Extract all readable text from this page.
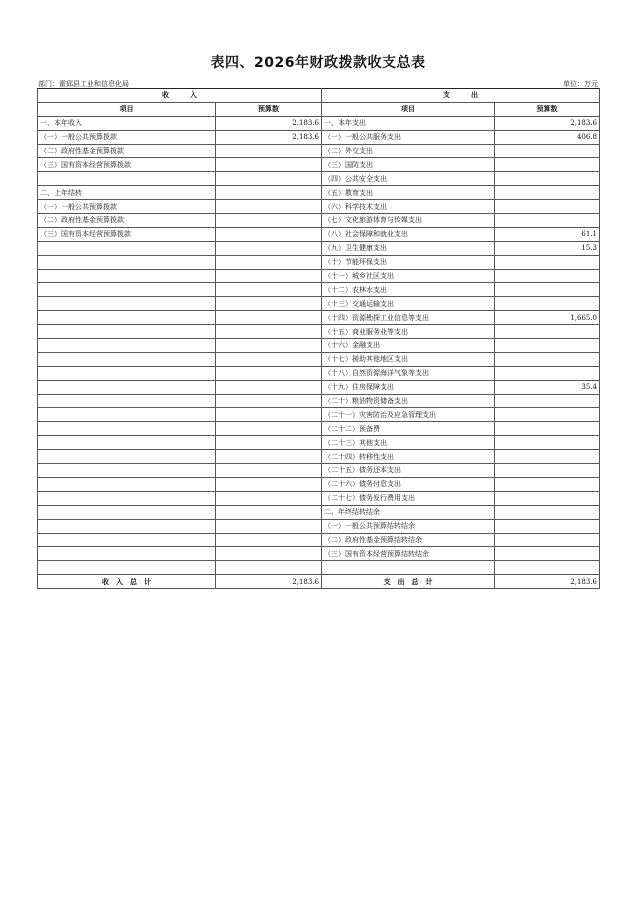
表四、2026年财政拨款收支总表
部门：霍邱县工业和信息化局	单位：万元
收　　　入		支　　　出	
项目	预算数	项目	预算数
一、本年收入	2,183.6	一、本年支出	2,183.6
（一）一般公共预算拨款	2,183.6	（一）一般公共服务支出	406.8
（二）政府性基金预算拨款		（二）外交支出	
（三）国有资本经营预算拨款		（三）国防支出	
		（四）公共安全支出	
二、上年结转		（五）教育支出	
（一）一般公共预算拨款		（六）科学技术支出	
（二）政府性基金预算拨款		（七）文化旅游体育与传媒支出	
（三）国有资本经营预算拨款		（八）社会保障和就业支出	61.1
		（九）卫生健康支出	15.3
		（十）节能环保支出	
		（十一）城乡社区支出	
		（十二）农林水支出	
		（十三）交通运输支出	
		（十四）资源勘探工业信息等支出	1,665.0
		（十五）商业服务业等支出	
		（十六）金融支出	
		（十七）援助其他地区支出	
		（十八）自然资源海洋气象等支出	
		（十九）住房保障支出	35.4
		（二十）粮油物资储备支出	
		（二十一）灾害防治及应急管理支出	
		（二十二）预备费	
		（二十三）其他支出	
		（二十四）转移性支出	
		（二十五）债务还本支出	
		（二十六）债务付息支出	
		（二十七）债务发行费用支出	
		二、年终结转结余	
		（一）一般公共预算结转结余	
		（二）政府性基金预算结转结余	
		（三）国有资本经营预算结转结余	

收　入　总　计	2,183.6	支　出　总　计	2,183.6
